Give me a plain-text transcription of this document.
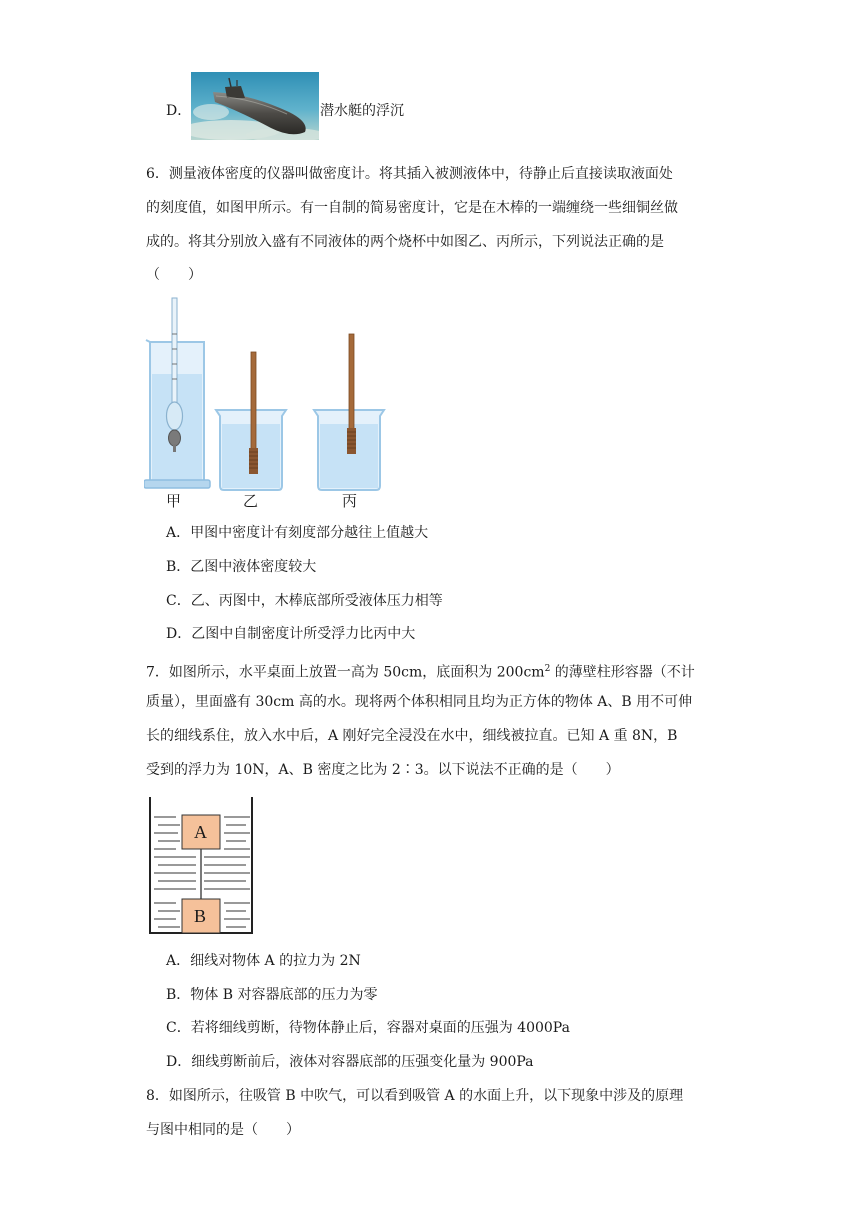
D．	潜水艇的浮沉
6．测量液体密度的仪器叫做密度计。将其插入被测液体中，待静止后直接读取液面处
的刻度值，如图甲所示。有一自制的简易密度计，它是在木棒的一端缠绕一些细铜丝做
成的。将其分别放入盛有不同液体的两个烧杯中如图乙、丙所示，下列说法正确的是
（　　）
甲	乙	丙
A．甲图中密度计有刻度部分越往上值越大
B．乙图中液体密度较大
C．乙、丙图中，木棒底部所受液体压力相等
D．乙图中自制密度计所受浮力比丙中大
7．如图所示，水平桌面上放置一高为 50cm，底面积为 $200cm^2$ 的薄壁柱形容器（不计
质量），里面盛有 30cm 高的水。现将两个体积相同且均为正方体的物体 A、B 用不可伸
长的细线系住，放入水中后，A 刚好完全浸没在水中，细线被拉直。已知 A 重 8N，B
受到的浮力为 10N，A、B 密度之比为 2∶3。以下说法不正确的是（　　）
A
B
A．细线对物体 A 的拉力为 2N
B．物体 B 对容器底部的压力为零
C．若将细线剪断，待物体静止后，容器对桌面的压强为 4000Pa
D．细线剪断前后，液体对容器底部的压强变化量为 900Pa
8．如图所示，往吸管 B 中吹气，可以看到吸管 A 的水面上升，以下现象中涉及的原理
与图中相同的是（　　）
